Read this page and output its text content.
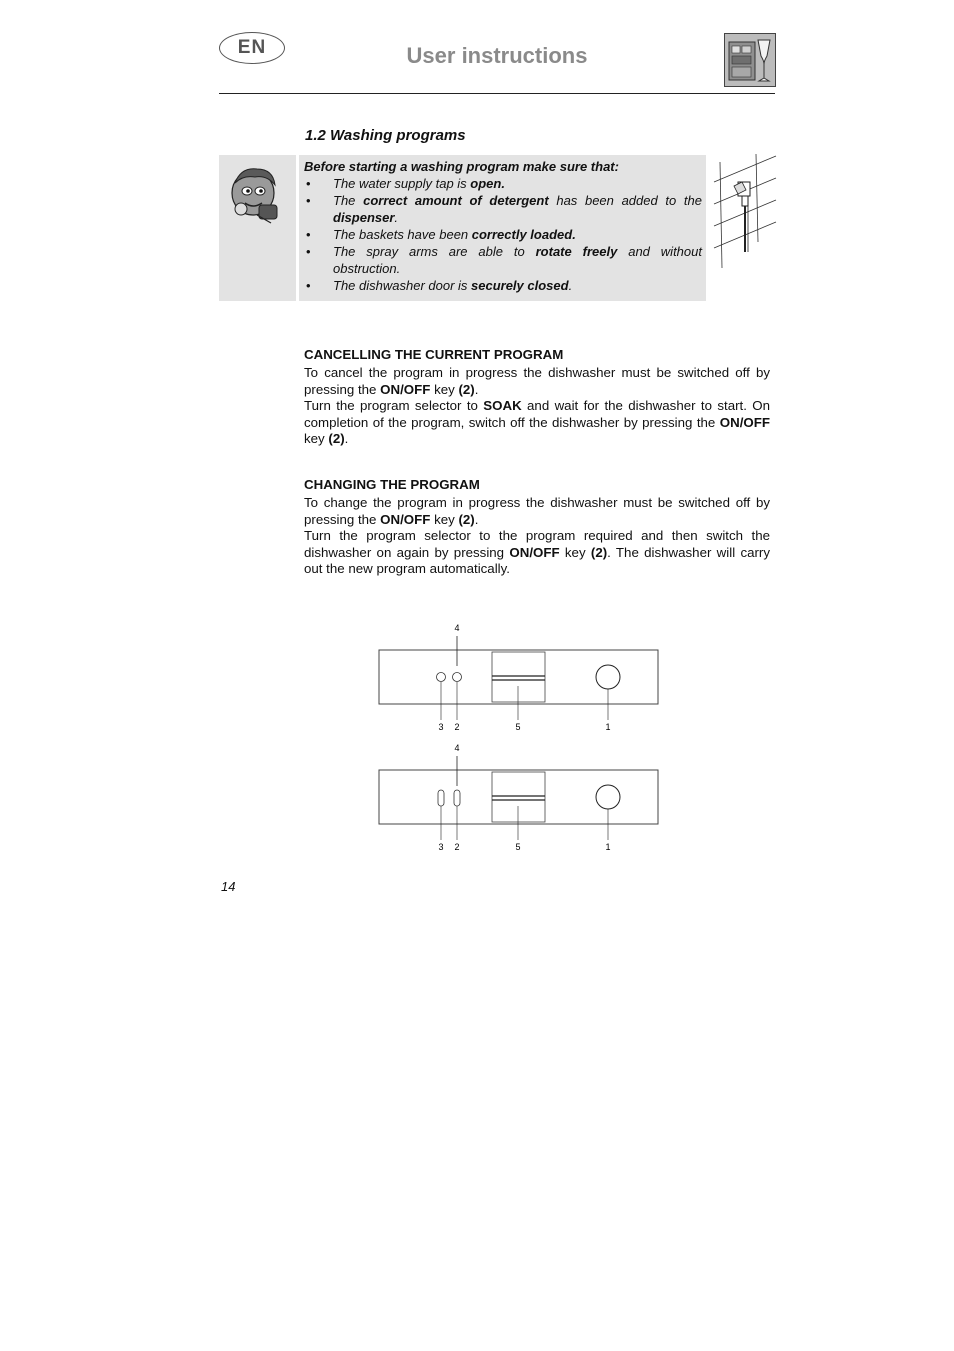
EN	User instructions
1.2 Washing programs
Before starting a washing program make sure that:
• The water supply tap is open.
• The correct amount of detergent has been added to the dispenser.
• The baskets have been correctly loaded.
• The spray arms are able to rotate freely and without obstruction.
• The dishwasher door is securely closed.
CANCELLING THE CURRENT PROGRAM

To cancel the program in progress the dishwasher must be switched off by pressing the ON/OFF key (2).

Turn the program selector to SOAK and wait for the dishwasher to start. On completion of the program, switch off the dishwasher by pressing the ON/OFF key (2).

CHANGING THE PROGRAM

To change the program in progress the dishwasher must be switched off by pressing the ON/OFF key (2).

Turn the program selector to the program required and then switch the dishwasher on again by pressing ON/OFF key (2). The dishwasher will carry out the new program automatically.

4
3 2	5	1
4
3 2	5	1
14
